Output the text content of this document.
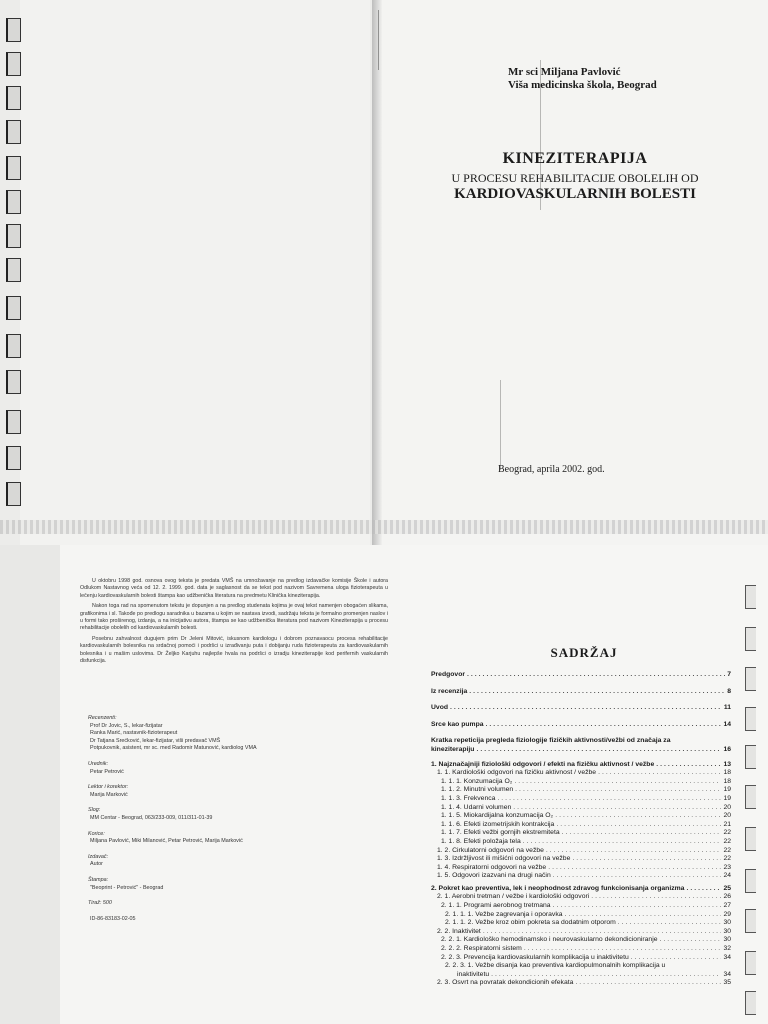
Mr sci Miljana Pavlović
Viša medicinska škola, Beograd
KINEZITERAPIJA
U PROCESU REHABILITACIJE OBOLELIH OD
KARDIOVASKULARNIH BOLESTI
Beograd, aprila 2002. god.

U oktobru 1998 god. osnova ovog teksta je predata VMŠ na umnožavanje na predlog izdavačke komisije Škole i autora Odlukom Nastavnog veća od 12. 2. 1999. god. data je saglasnost da se tekst pod nazivom Savremena uloga fizioterapeuta u lečenju kardiovaskularnih bolesti štampa kao udžbenička literatura na predmetu Klinička kineziterapija.

Nakon toga rad na spomenutom tekstu je dopunjen a na predlog studenata kojima je ovaj tekst namenjen obogaćen slikama, grafikonima i sl. Takođe po predlogu saradnika u bazama u kojim se nastava izvodi, sadržaju teksta je formalno promenjen naslov i u formi tako proširenog, izdanja, a na inicijativu autora, štampa se kao udžbenička literatura pod nazivom Kineziterapija u procesu rehabilitacije obolelih od kardiovaskularnih bolesti.

Posebnu zahvalnost dugujem prim Dr Jeleni Mitović, iskusnom kardiologu i dobrom poznavaocu procesa rehabilitacije kardiovaskularnih bolesnika na srdačnoj pomoći i podršci u izrađivanju puta i dobijanju ruda fizioterapeuta za kardiovaskularnih bolesnika i u mašim uslovima. Dr Željko Karjuhu najlepše hvala na podršci o izradju kineziterapije kod perifernih vaskularnih disfunkcija.

Recenzenti:
Prof Dr Jovic, S., lekar-fizijatar
Ranka Marić, nastavnik-fizioterapeut
Dr Tatjana Srećković, lekar-fizijatar, viši predavač VMŠ
Potpukovnik, asistent, mr sc. med Radomir Matunović, kardiolog VMA
Urednik:
Petar Petrović
Lektor i korektor:
Marija Marković
Slog:
MM Centar - Beograd, 063/233-009, 011/311-01-39
Korice:
Miljana Pavlović, Miki Milanović, Petar Petrović, Marija Marković
Izdavač:
Autor
Štampa:
"Beoprint - Petrović" - Beograd
Tiraž: 500
ID-86-83183-02-05
SADRŽAJ
Predgovor .....	7
Iz recenzija .....	8
Uvod .....	11
Srce kao pumpa .....	14
Kratka repeticija pregleda fiziologije fizičkih aktivnosti/vežbi od značaja za
kineziterapiju .....	16
1. Najznačajniji fiziološki odgovori / efekti na fizičku aktivnost / vežbe .....	13
1. 1. Kardiološki odgovori na fizičku aktivnost / vežbe .....	18
1. 1. 1. Konzumacija O₂ .....	18
1. 1. 2. Minutni volumen .....	19
1. 1. 3. Frekvenca .....	19
1. 1. 4. Udarni volumen .....	20
1. 1. 5. Miokardijalna konzumacija O₂ .....	20
1. 1. 6. Efekti izometrijskih kontrakcija .....	21
1. 1. 7. Efekti vežbi gornjih ekstremiteta .....	22
1. 1. 8. Efekti položaja tela .....	22
1. 2. Cirkulatorni odgovori na vežbe .....	22
1. 3. Izdržljivost ili mišićni odgovori na vežbe .....	22
1. 4. Respiratorni odgovori na vežbe .....	23
1. 5. Odgovori izazvani na drugi način .....	24
2. Pokret kao preventiva, lek i neophodnost zdravog funkcionisanja organizma .....	25
2. 1. Aerobni tretman / vežbe i kardiološki odgovori .....	26
2. 1. 1. Programi aerobnog tretmana .....	27
2. 1. 1. 1. Vežbe zagrevanja i oporavka .....	29
2. 1. 1. 2. Vežbe kroz obim pokreta sa dodatnim otporom .....	30
2. 2. Inaktivitet .....	30
2. 2. 1. Kardiološko hemodinamsko i neurovaskularno dekondicioniranje .....	30
2. 2. 2. Respiratorni sistem .....	32
2. 2. 3. Prevencija kardiovaskularnih komplikacija u inaktivitetu .....	34
2. 2. 3. 1. Vežbe disanja kao preventiva kardiopulmonalnih komplikacija u
inaktivitetu .....	34
2. 3. Osvrt na povratak dekondicionih efekata .....	35
